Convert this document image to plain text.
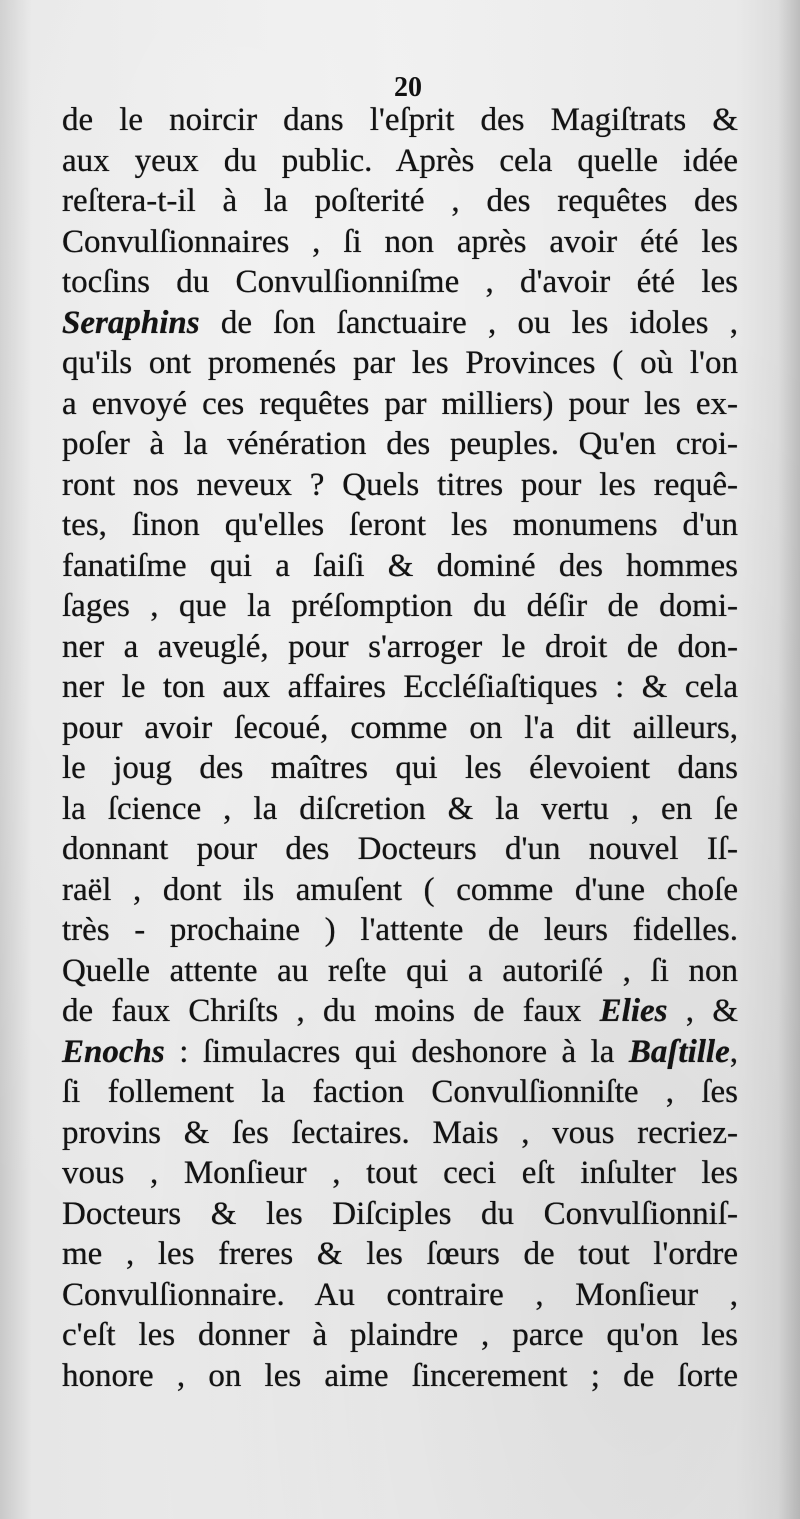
20
de le noircir dans l'eſprit des Magiſtrats &
aux yeux du public. Après cela quelle idée
reſtera-t-il à la poſterité , des requêtes des
Convulſionnaires , ſi non après avoir été les
tocſins du Convulſionniſme , d'avoir été les
Seraphins de ſon ſanctuaire , ou les idoles ,
qu'ils ont promenés par les Provinces ( où l'on
a envoyé ces requêtes par milliers) pour les ex-
poſer à la vénération des peuples. Qu'en croi-
ront nos neveux ? Quels titres pour les requê-
tes, ſinon qu'elles ſeront les monumens d'un
fanatiſme qui a ſaiſi & dominé des hommes
ſages , que la préſomption du déſir de domi-
ner a aveuglé, pour s'arroger le droit de don-
ner le ton aux affaires Eccléſiaſtiques : & cela
pour avoir ſecoué, comme on l'a dit ailleurs,
le joug des maîtres qui les élevoient dans
la ſcience , la diſcretion & la vertu , en ſe
donnant pour des Docteurs d'un nouvel Iſ-
raël , dont ils amuſent ( comme d'une choſe
très - prochaine ) l'attente de leurs fidelles.
Quelle attente au reſte qui a autoriſé , ſi non
de faux Chriſts , du moins de faux Elies , &
Enochs : ſimulacres qui deshonore à la Baſtille,
ſi follement la faction Convulſionniſte , ſes
provins & ſes ſectaires. Mais , vous recriez-
vous , Monſieur , tout ceci eſt inſulter les
Docteurs & les Diſciples du Convulſionniſ-
me , les freres & les ſœurs de tout l'ordre
Convulſionnaire. Au contraire , Monſieur ,
c'eſt les donner à plaindre , parce qu'on les
honore , on les aime ſincerement ; de ſorte
